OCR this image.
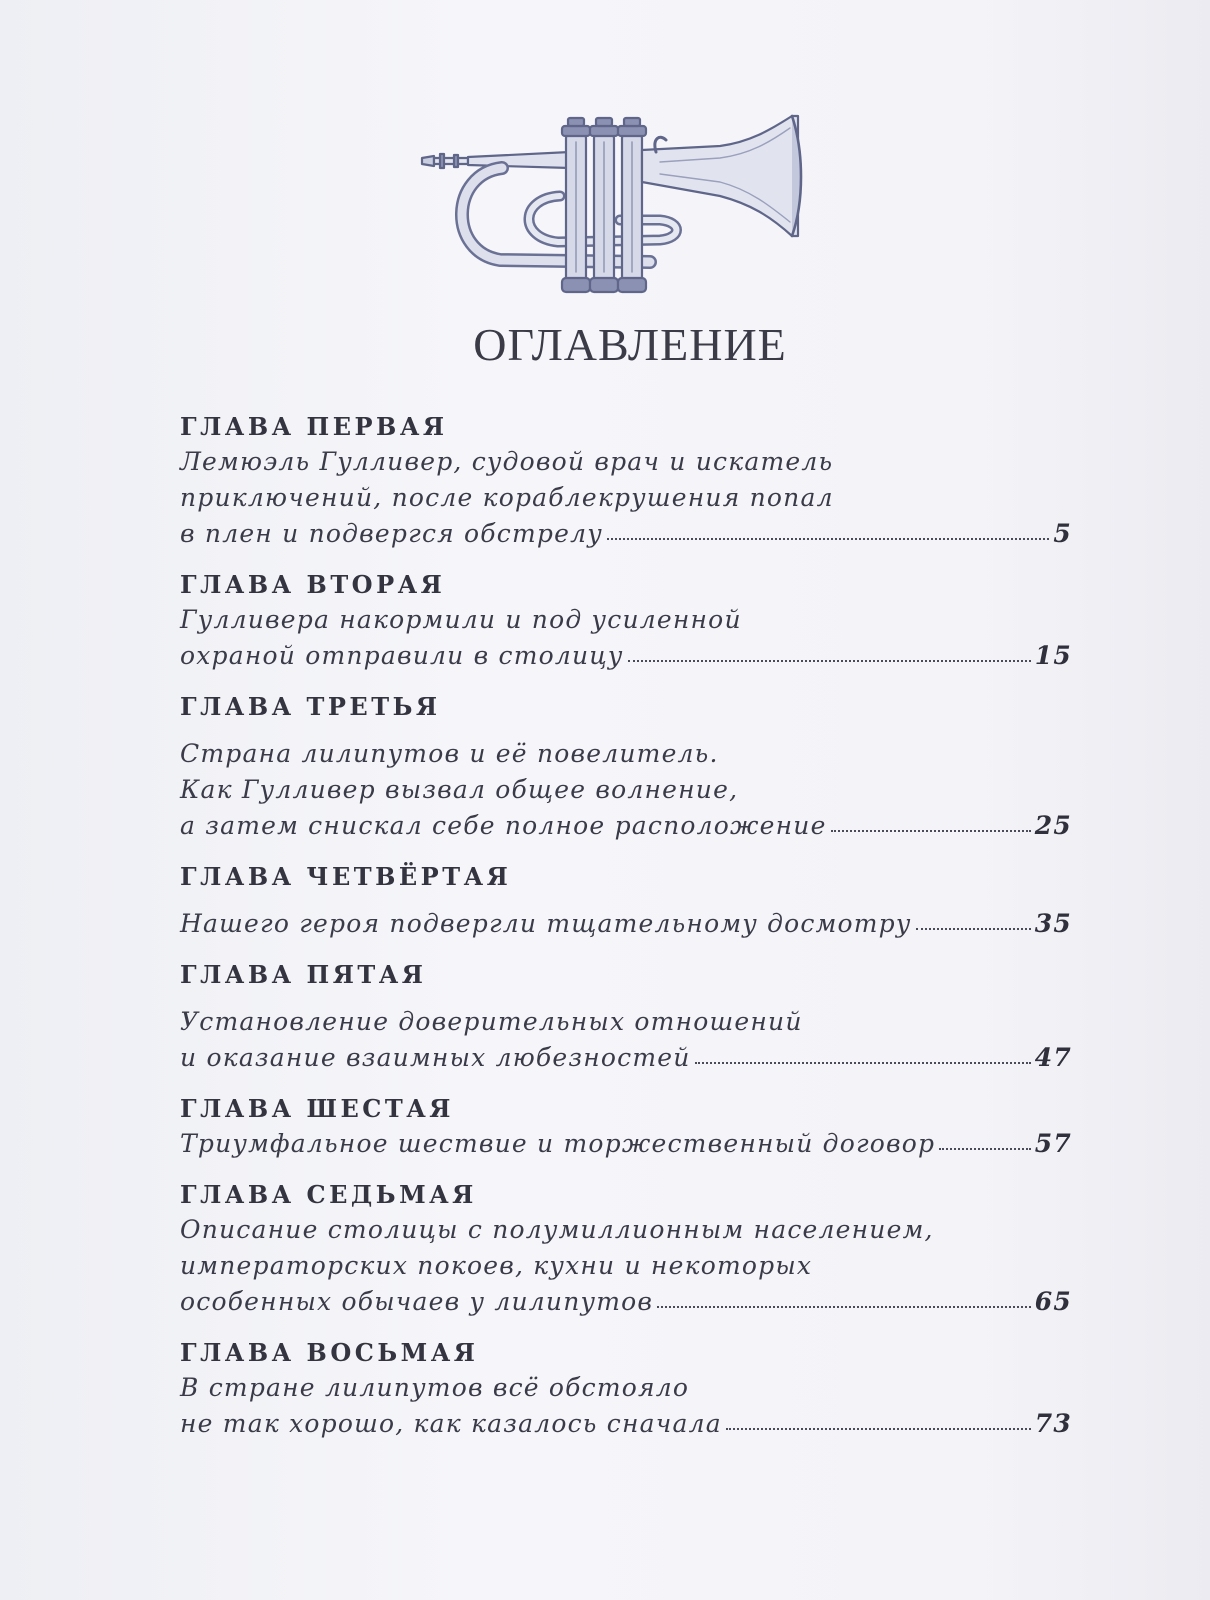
ОГЛАВЛЕНИЕ
ГЛАВА ПЕРВАЯ
Лемюэль Гулливер, судовой врач и искатель
приключений, после кораблекрушения попал
в плен и подвергся обстрелу	5
ГЛАВА ВТОРАЯ
Гулливера накормили и под усиленной
охраной отправили в столицу	15
ГЛАВА ТРЕТЬЯ
Страна лилипутов и её повелитель.
Как Гулливер вызвал общее волнение,
а затем снискал себе полное расположение	25
ГЛАВА ЧЕТВЁРТАЯ
Нашего героя подвергли тщательному досмотру	35
ГЛАВА ПЯТАЯ
Установление доверительных отношений
и оказание взаимных любезностей	47
ГЛАВА ШЕСТАЯ
Триумфальное шествие и торжественный договор	57
ГЛАВА СЕДЬМАЯ
Описание столицы с полумиллионным населением,
императорских покоев, кухни и некоторых
особенных обычаев у лилипутов	65
ГЛАВА ВОСЬМАЯ
В стране лилипутов всё обстояло
не так хорошо, как казалось сначала	73
